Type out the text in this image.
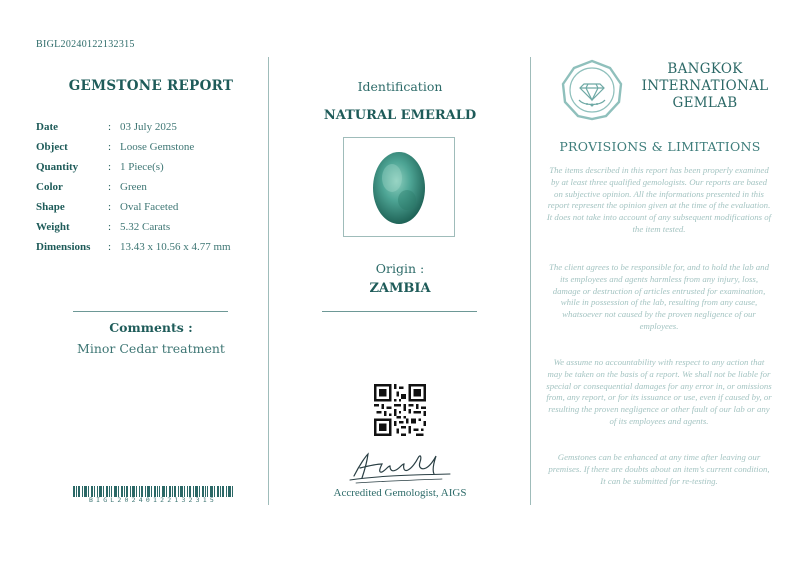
BIGL20240122132315
GEMSTONE REPORT
Date	: 03 July 2025
Object	: Loose Gemstone
Quantity	: 1 Piece(s)
Color	: Green
Shape	: Oval Faceted
Weight	: 5.32 Carats
Dimensions : 13.43 x 10.56 x 4.77 mm
Comments :
Minor Cedar treatment
BIGL20240122132315
Identification
NATURAL EMERALD
Origin :
ZAMBIA
Accredited Gemologist, AIGS
BANGKOK
INTERNATIONAL
GEMLAB
PROVISIONS & LIMITATIONS
The items described in this report has been properly examined by at least three qualified gemologists. Our reports are based on subjective opinion. All the informations presented in this report represent the opinion given at the time of the evaluation. It does not take into account of any subsequent modifications of the item tested.
The client agrees to be responsible for, and to hold the lab and its employees and agents harmless from any injury, loss, damage or destruction of articles entrusted for examination, while in possession of the lab, resulting from any cause, whatsoever not caused by the proven negligence of our employees.
We assume no accountability with respect to any action that may be taken on the basis of a report. We shall not be liable for special or consequential damages for any error in, or omissions from, any report, or for its issuance or use, even if caused by, or resulting the proven negligence or other fault of our lab or any of its employees and agents.
Gemstones can be enhanced at any time after leaving our premises. If there are doubts about an item's current condition, It can be submitted for re-testing.
